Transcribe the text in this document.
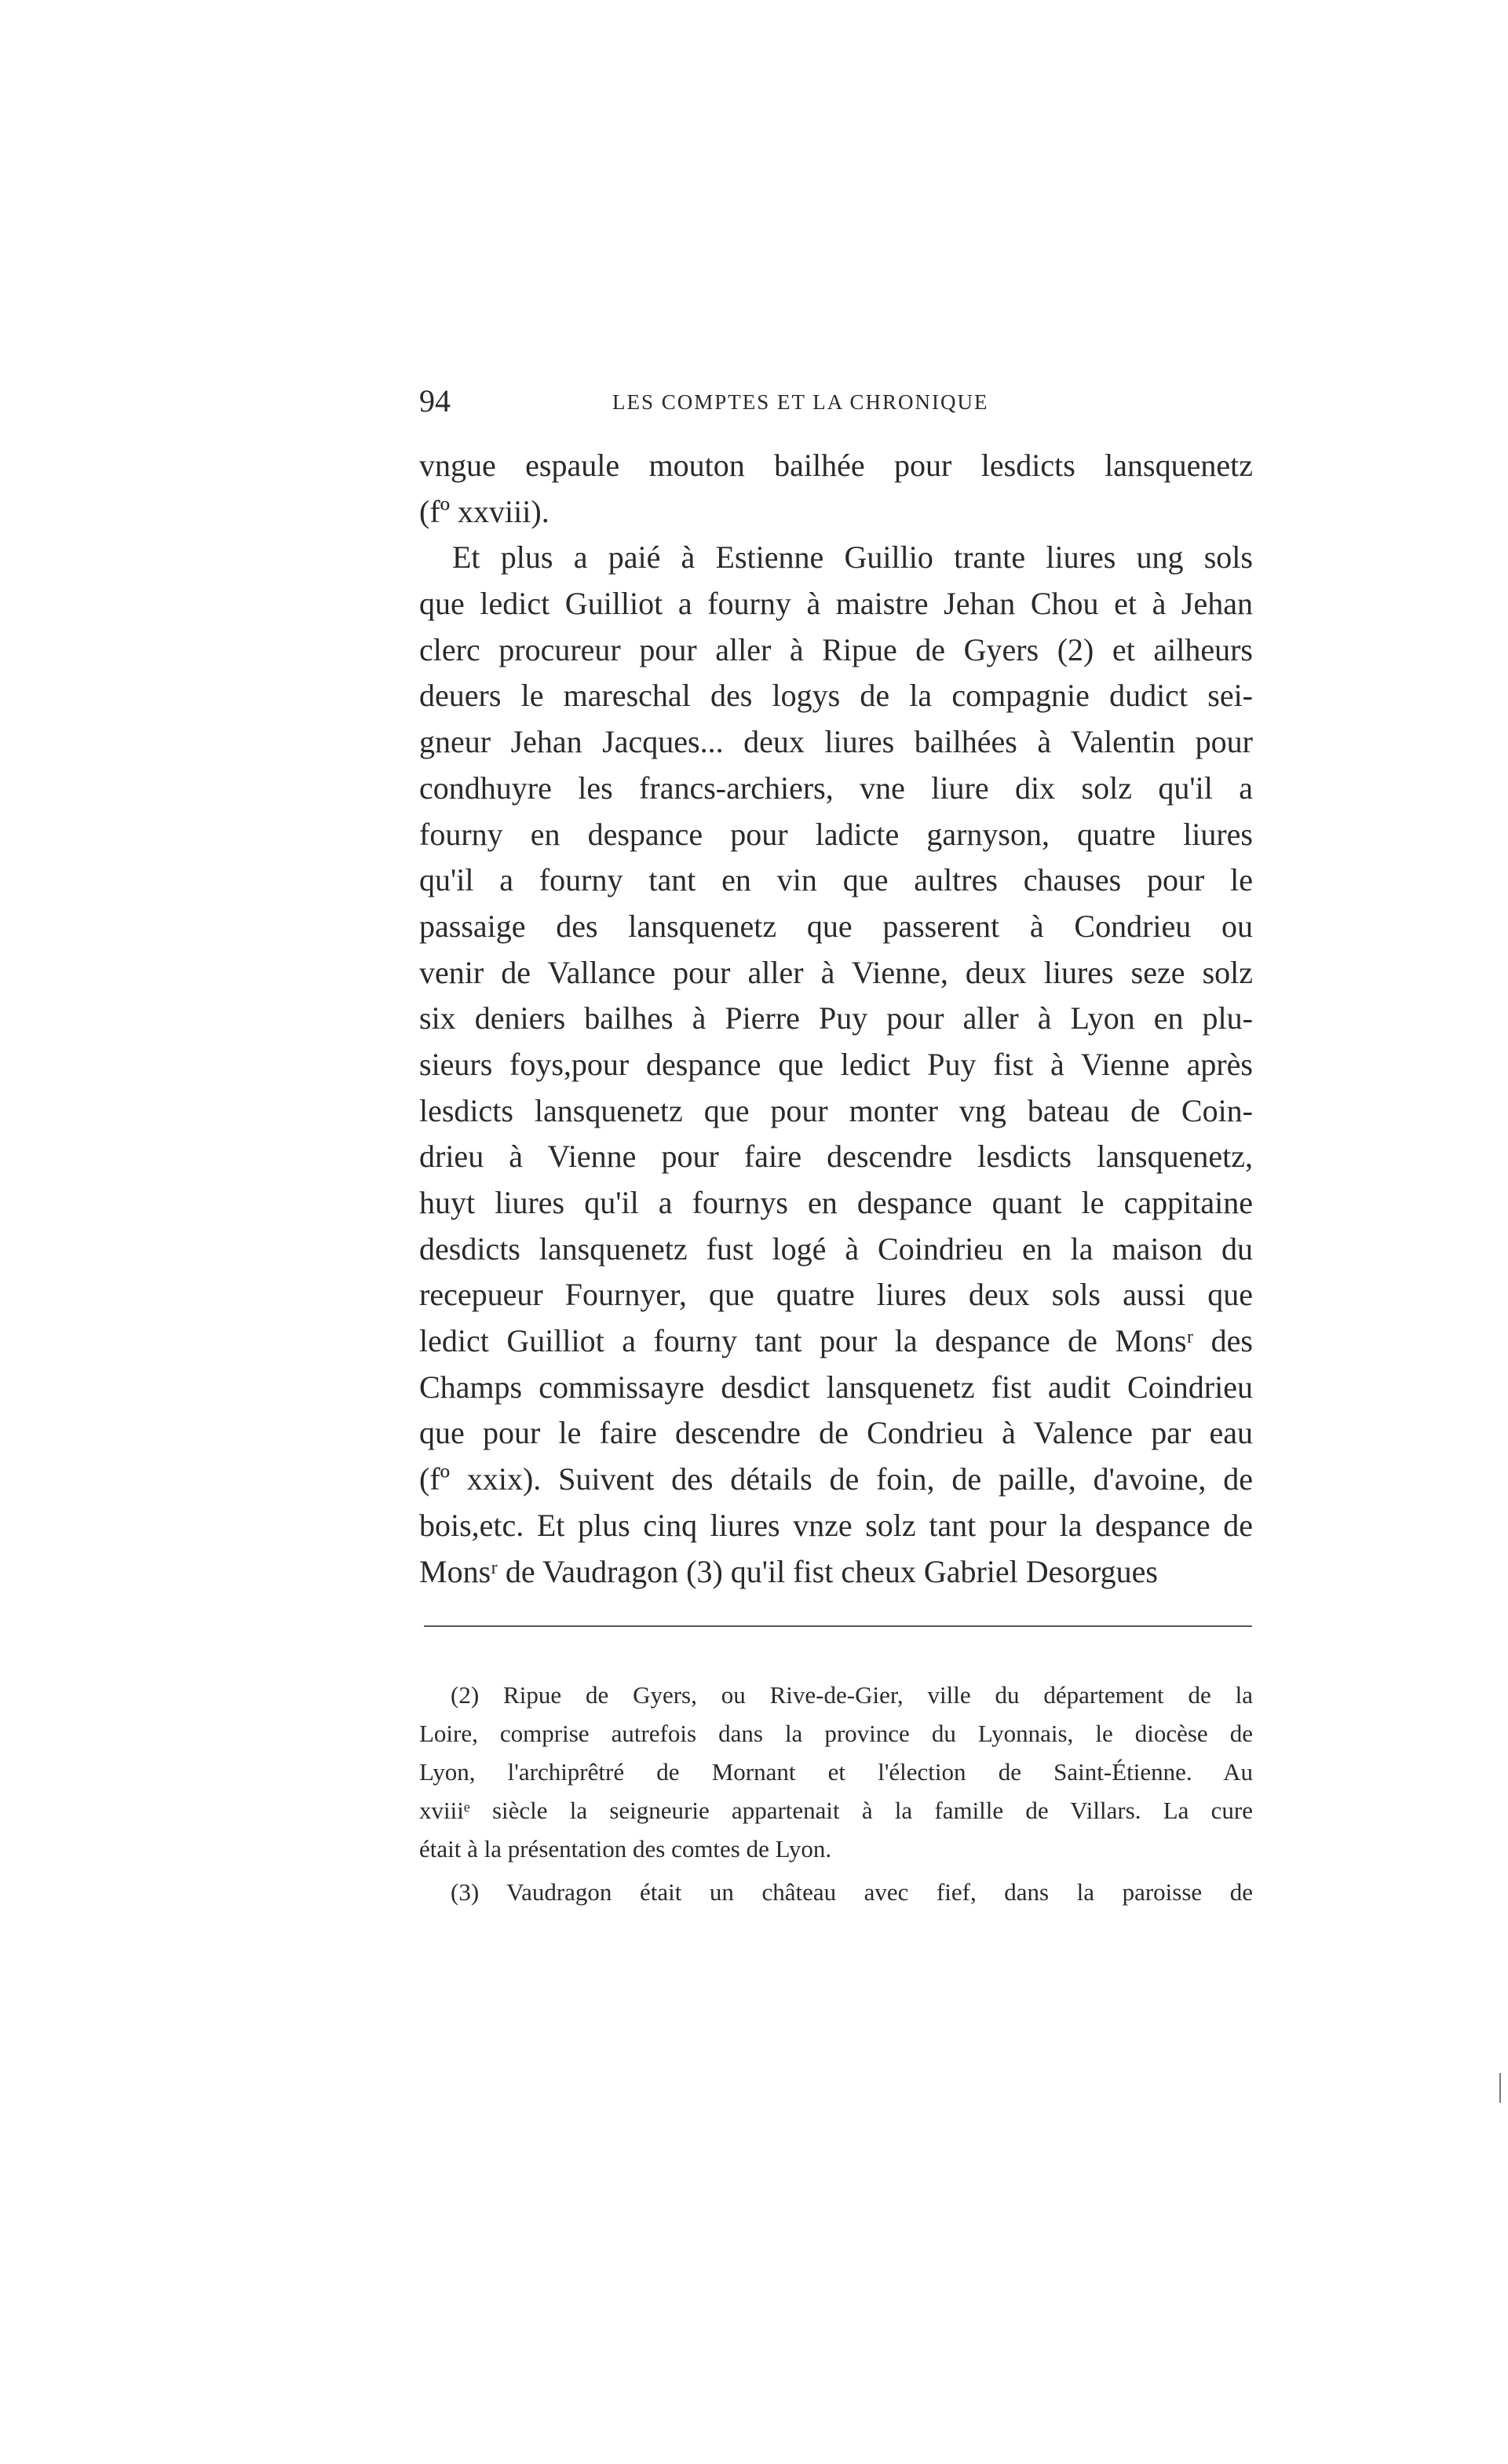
94	LES COMPTES ET LA CHRONIQUE
vngue espaule mouton bailhée pour lesdicts lansquenetz
(fº xxviii).
Et plus a paié à Estienne Guillio trante liures ung sols
que ledict Guilliot a fourny à maistre Jehan Chou et à Jehan
clerc procureur pour aller à Ripue de Gyers (2) et ailheurs
deuers le mareschal des logys de la compagnie dudict sei-
gneur Jehan Jacques... deux liures bailhées à Valentin pour
condhuyre les francs-archiers, vne liure dix solz qu'il a
fourny en despance pour ladicte garnyson, quatre liures
qu'il a fourny tant en vin que aultres chauses pour le
passaige des lansquenetz que passerent à Condrieu ou
venir de Vallance pour aller à Vienne, deux liures seze solz
six deniers bailhes à Pierre Puy pour aller à Lyon en plu-
sieurs foys,pour despance que ledict Puy fist à Vienne après
lesdicts lansquenetz que pour monter vng bateau de Coin-
drieu à Vienne pour faire descendre lesdicts lansquenetz,
huyt liures qu'il a fournys en despance quant le cappitaine
desdicts lansquenetz fust logé à Coindrieu en la maison du
recepueur Fournyer, que quatre liures deux sols aussi que
ledict Guilliot a fourny tant pour la despance de Monsʳ des
Champs commissayre desdict lansquenetz fist audit Coindrieu
que pour le faire descendre de Condrieu à Valence par eau
(fº xxix). Suivent des détails de foin, de paille, d'avoine, de
bois,etc. Et plus cinq liures vnze solz tant pour la despance de
Monsʳ de Vaudragon (3) qu'il fist cheux Gabriel Desorgues
(2) Ripue de Gyers, ou Rive-de-Gier, ville du département de la
Loire, comprise autrefois dans la province du Lyonnais, le diocèse de
Lyon, l'archiprêtré de Mornant et l'élection de Saint-Étienne. Au
xviiiᵉ siècle la seigneurie appartenait à la famille de Villars. La cure
était à la présentation des comtes de Lyon.
(3) Vaudragon était un château avec fief, dans la paroisse de
